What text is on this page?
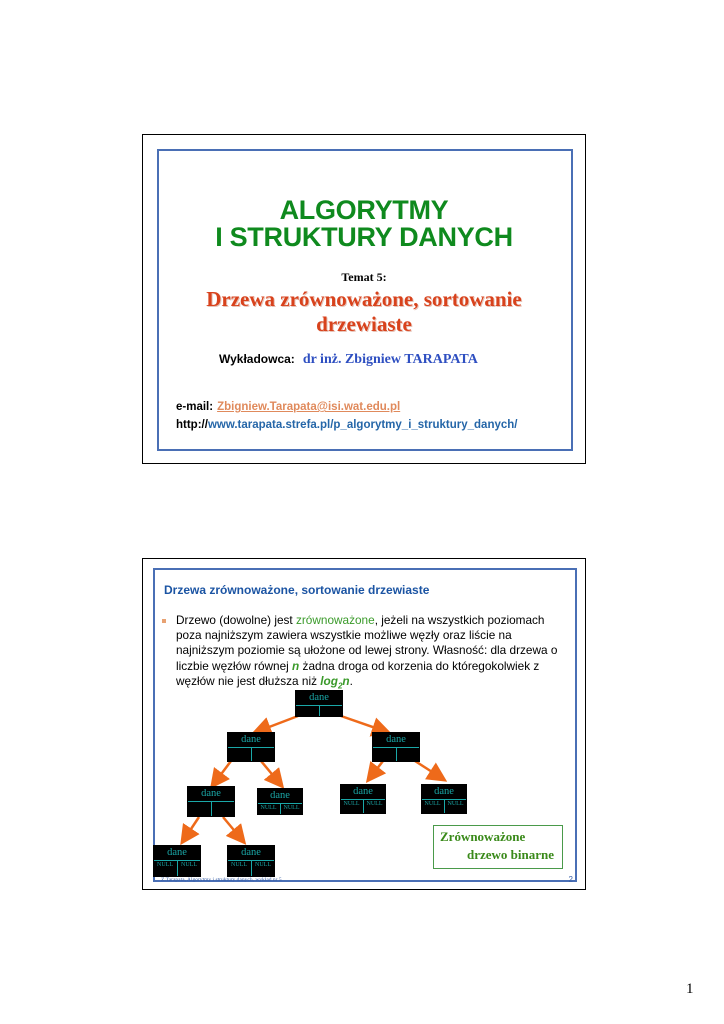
ALGORYTMY
I STRUKTURY DANYCH
Temat 5:
Drzewa zrównoważone, sortowanie
drzewiaste
Wykładowca: dr inż. Zbigniew TARAPATA
e-mail: Zbigniew.Tarapata@isi.wat.edu.pl
http://www.tarapata.strefa.pl/p_algorytmy_i_struktury_danych/
Drzewa zrównoważone, sortowanie drzewiaste
Drzewo (dowolne) jest zrównoważone, jeżeli na wszystkich poziomach poza najniższym zawiera wszystkie możliwe węzły oraz liście na najniższym poziomie są ułożone od lewej strony. Własność: dla drzewa o liczbie węzłów równej n żadna droga od korzenia do któregokolwiek z węzłów nie jest dłuższa niż $\log_2n$.
dane
dane	dane
dane	dane
NULL	NULL
dane
NULL	NULL
dane
NULL	NULL
dane
NULL	NULL
dane
NULL	NULL
Zrównoważone
drzewo binarne
Z.Tarapata, Algorytmy i struktury danych, wykład nr 5	2
1
